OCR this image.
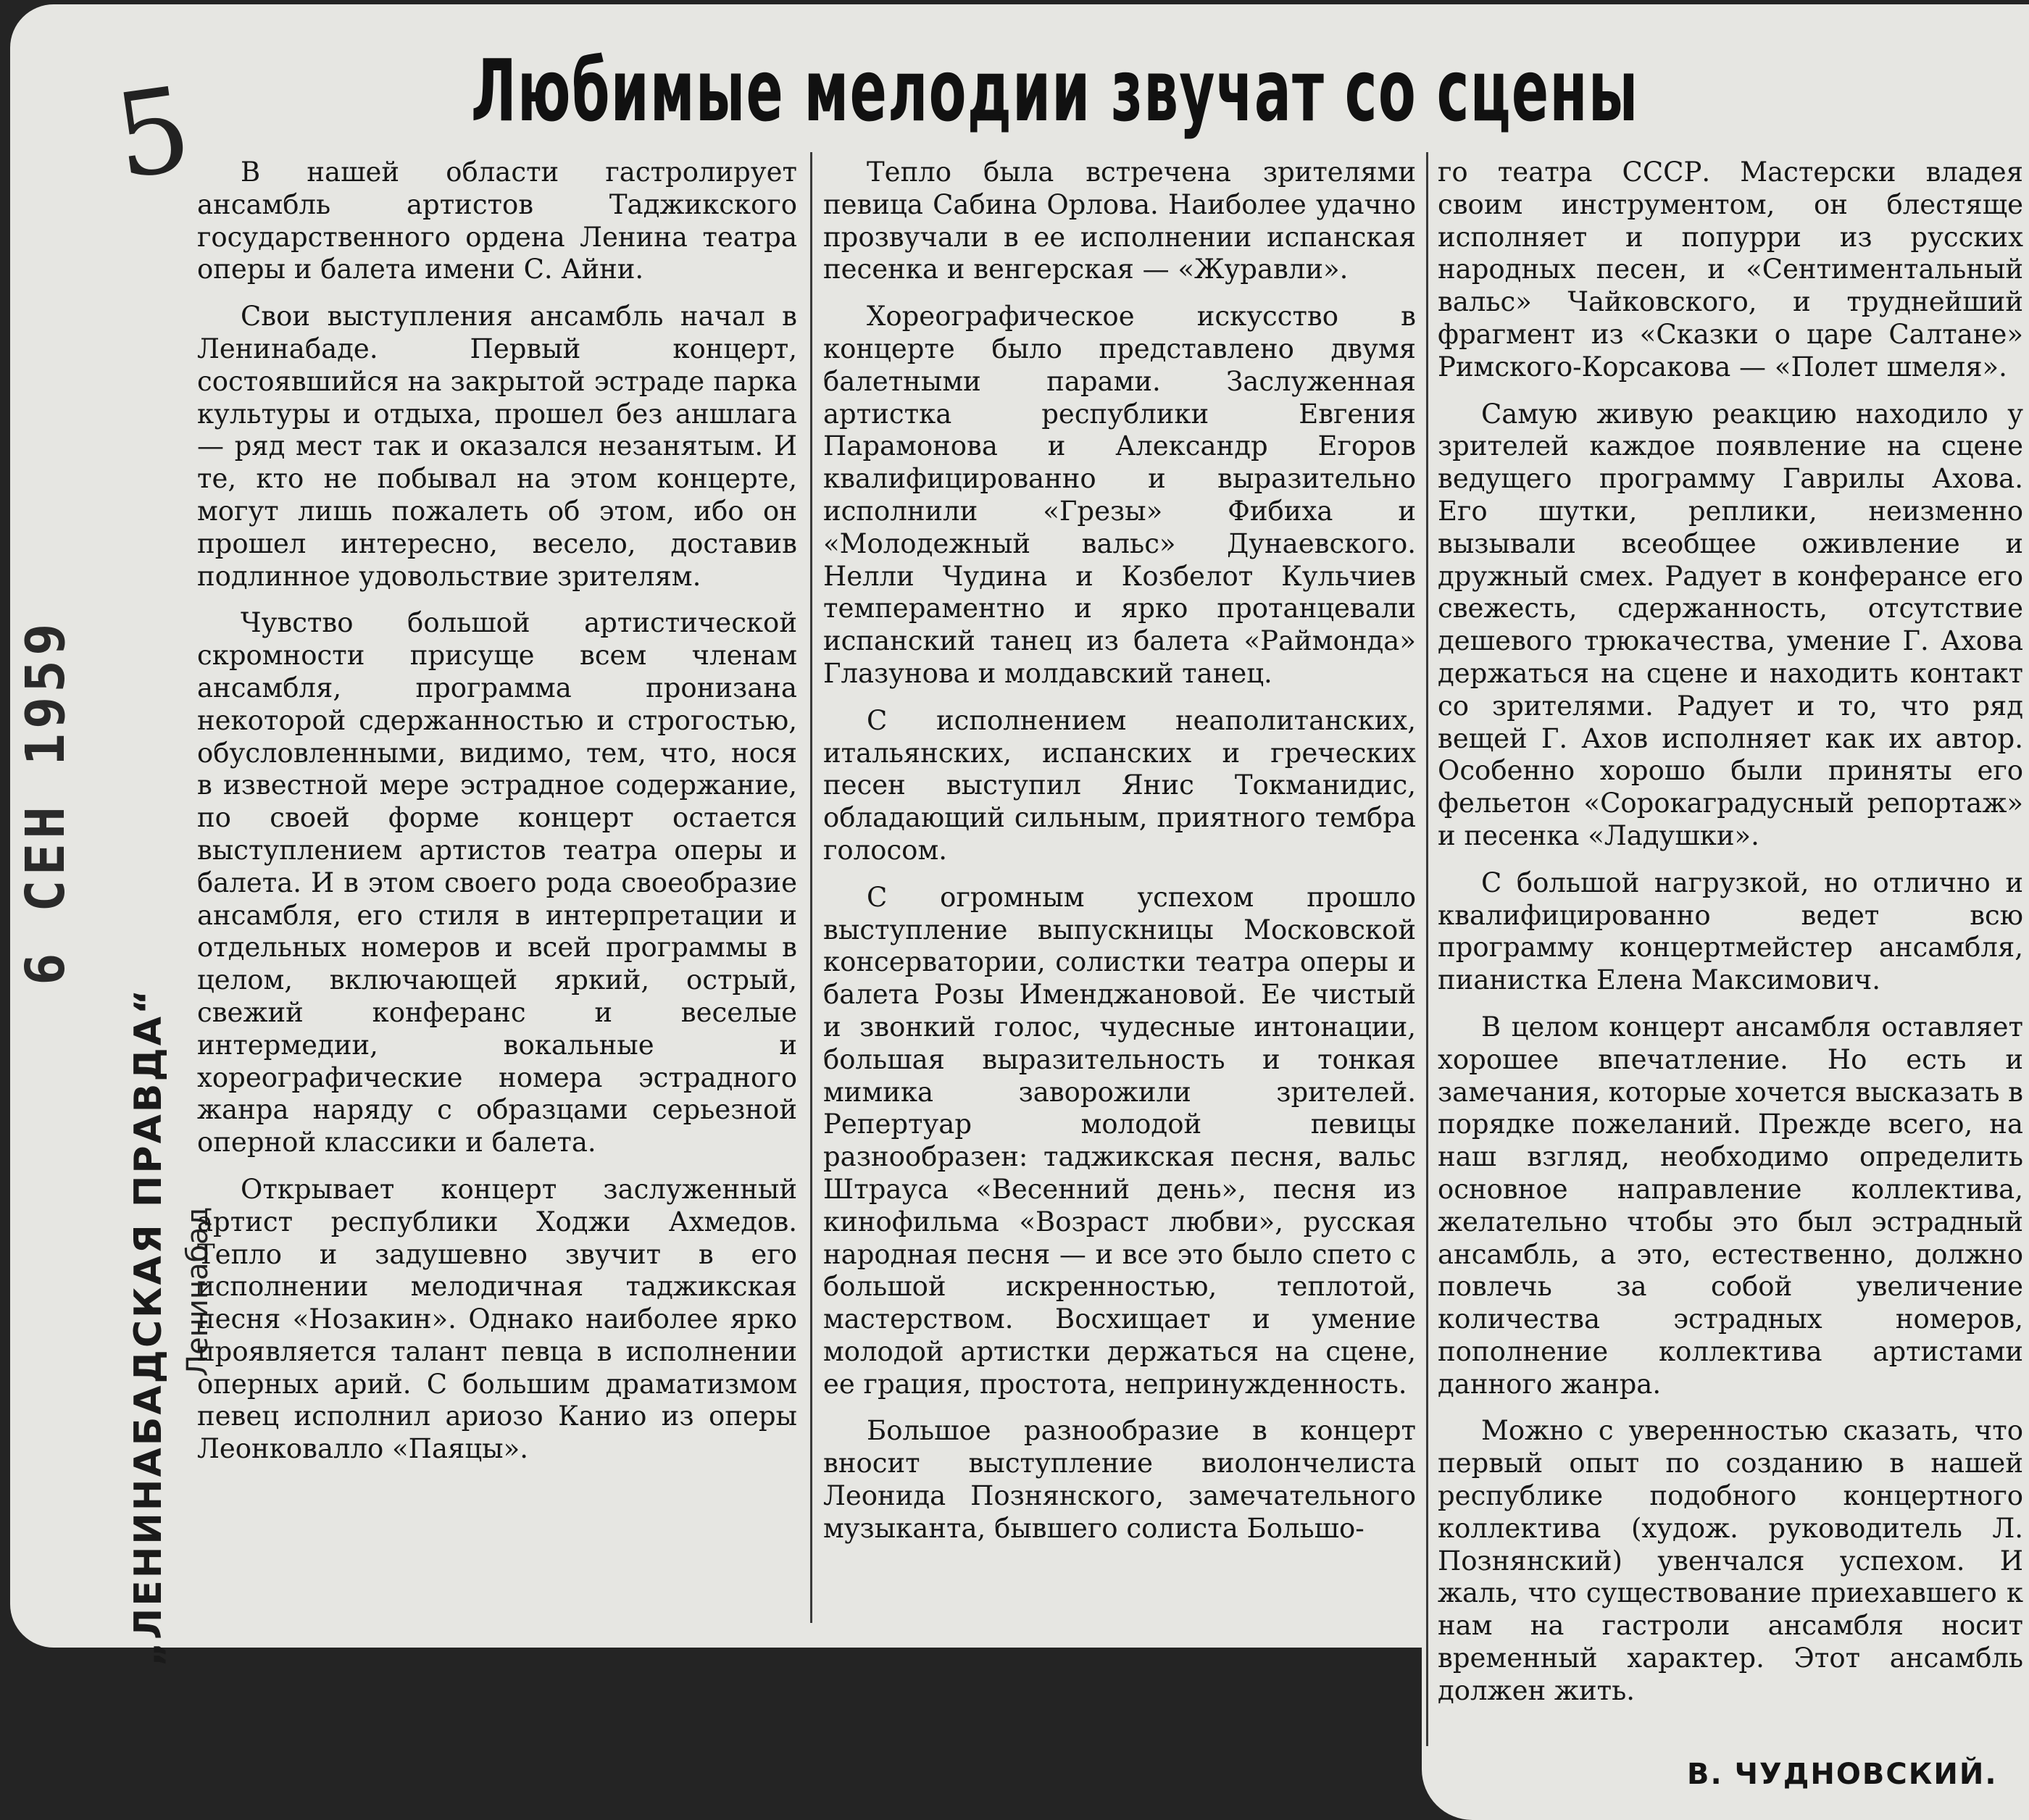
5
6 СЕН 1959
„ЛЕНИНАБАДСКАЯ ПРАВДА“ Ленинабад
Любимые мелодии звучат со сцены

В нашей области гастролирует ансамбль артистов Таджикского государственного ордена Ленина театра оперы и балета имени С. Айни.

Свои выступления ансамбль начал в Ленинабаде. Первый концерт, состоявшийся на закрытой эстраде парка культуры и отдыха, прошел без аншлага — ряд мест так и оказался незанятым. И те, кто не побывал на этом концерте, могут лишь пожалеть об этом, ибо он прошел интересно, весело, доставив подлинное удовольствие зрителям.

Чувство большой артистической скромности присуще всем членам ансамбля, программа пронизана некоторой сдержанностью и строгостью, обусловленными, видимо, тем, что, нося в известной мере эстрадное содержание, по своей форме концерт остается выступлением артистов театра оперы и балета. И в этом своего рода своеобразие ансамбля, его стиля в интерпретации и отдельных номеров и всей программы в целом, включающей яркий, острый, свежий конферанс и веселые интермедии, вокальные и хореографические номера эстрадного жанра наряду с образцами серьезной оперной классики и балета.

Открывает концерт заслуженный артист республики Ходжи Ахмедов. Тепло и задушевно звучит в его исполнении мелодичная таджикская песня «Нозакин». Однако наиболее ярко проявляется талант певца в исполнении оперных арий. С большим драматизмом певец исполнил ариозо Канио из оперы Леонковалло «Паяцы».

Тепло была встречена зрителями певица Сабина Орлова. Наиболее удачно прозвучали в ее исполнении испанская песенка и венгерская — «Журавли».

Хореографическое искусство в концерте было представлено двумя балетными парами. Заслуженная артистка республики Евгения Парамонова и Александр Егоров квалифицированно и выразительно исполнили «Грезы» Фибиха и «Молодежный вальс» Дунаевского. Нелли Чудина и Козбелот Кульчиев темпераментно и ярко протанцевали испанский танец из балета «Раймонда» Глазунова и молдавский танец.

С исполнением неаполитанских, итальянских, испанских и греческих песен выступил Янис Токманидис, обладающий сильным, приятного тембра голосом.

С огромным успехом прошло выступление выпускницы Московской консерватории, солистки театра оперы и балета Розы Именджановой. Ее чистый и звонкий голос, чудесные интонации, большая выразительность и тонкая мимика заворожили зрителей. Репертуар молодой певицы разнообразен: таджикская песня, вальс Штрауса «Весенний день», песня из кинофильма «Возраст любви», русская народная песня — и все это было спето с большой искренностью, теплотой, мастерством. Восхищает и умение молодой артистки держаться на сцене, ее грация, простота, непринужденность.

Большое разнообразие в концерт вносит выступление виолончелиста Леонида Познянского, замечательного музыканта, бывшего солиста Большо-

го театра СССР. Мастерски владея своим инструментом, он блестяще исполняет и попурри из русских народных песен, и «Сентиментальный вальс» Чайковского, и труднейший фрагмент из «Сказки о царе Салтане» Римского-Корсакова — «Полет шмеля».

Самую живую реакцию находило у зрителей каждое появление на сцене ведущего программу Гаврилы Ахова. Его шутки, реплики, неизменно вызывали всеобщее оживление и дружный смех. Радует в конферансе его свежесть, сдержанность, отсутствие дешевого трюкачества, умение Г. Ахова держаться на сцене и находить контакт со зрителями. Радует и то, что ряд вещей Г. Ахов исполняет как их автор. Особенно хорошо были приняты его фельетон «Сорокаградусный репортаж» и песенка «Ладушки».

С большой нагрузкой, но отлично и квалифицированно ведет всю программу концертмейстер ансамбля, пианистка Елена Максимович.

В целом концерт ансамбля оставляет хорошее впечатление. Но есть и замечания, которые хочется высказать в порядке пожеланий. Прежде всего, на наш взгляд, необходимо определить основное направление коллектива, желательно чтобы это был эстрадный ансамбль, а это, естественно, должно повлечь за собой увеличение количества эстрадных номеров, пополнение коллектива артистами данного жанра.

Можно с уверенностью сказать, что первый опыт по созданию в нашей республике подобного концертного коллектива (худож. руководитель Л. Познянский) увенчался успехом. И жаль, что существование приехавшего к нам на гастроли ансамбля носит временный характер. Этот ансамбль должен жить.

В. ЧУДНОВСКИЙ.
